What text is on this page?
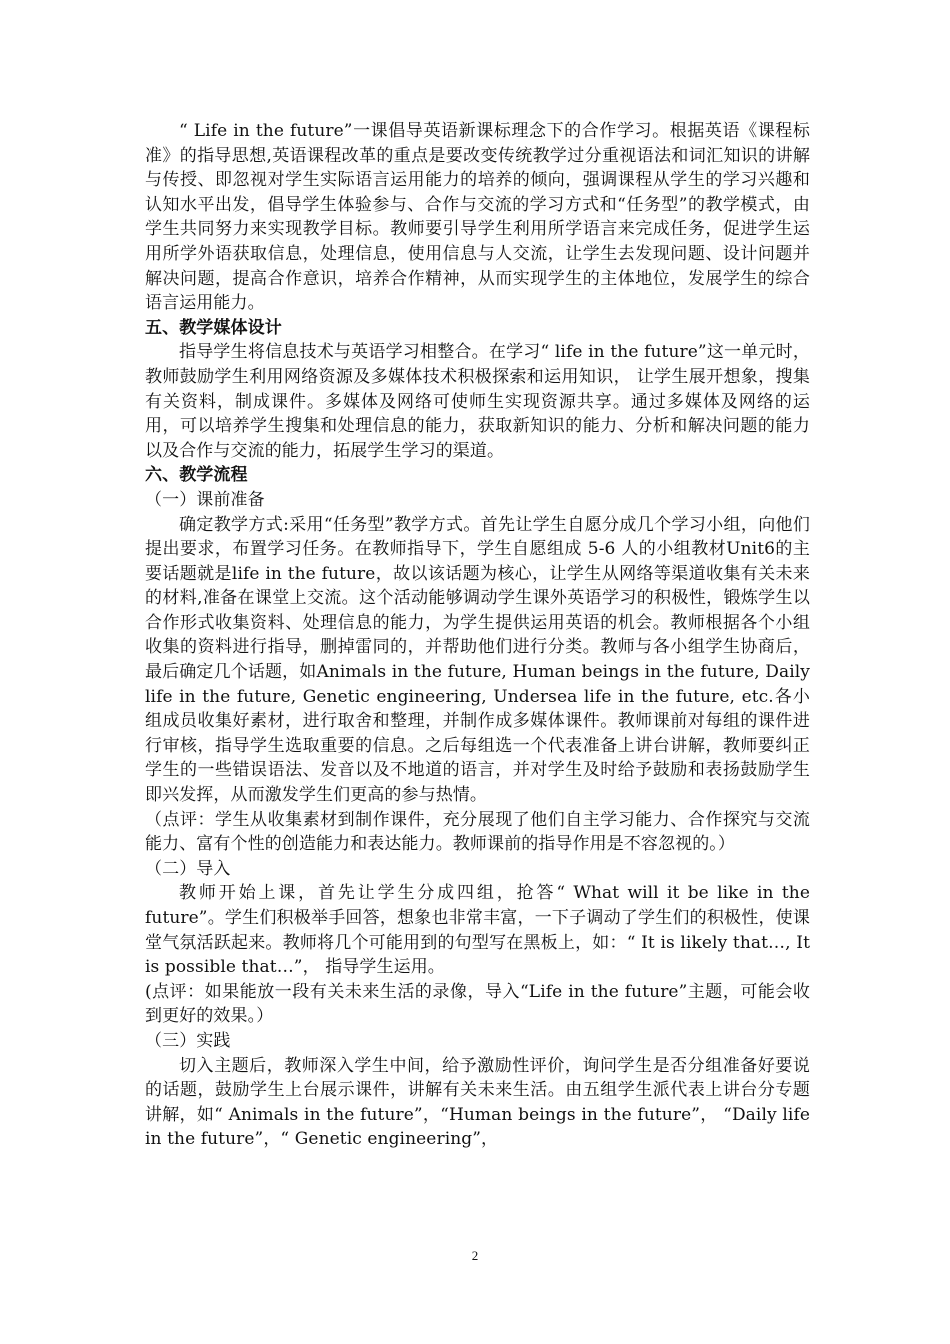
“ Life in the future”一课倡导英语新课标理念下的合作学习。根据英语《课程标准》的指导思想,英语课程改革的重点是要改变传统教学过分重视语法和词汇知识的讲解与传授、即忽视对学生实际语言运用能力的培养的倾向，强调课程从学生的学习兴趣和认知水平出发，倡导学生体验参与、合作与交流的学习方式和“任务型”的教学模式，由学生共同努力来实现教学目标。教师要引导学生利用所学语言来完成任务，促进学生运用所学外语获取信息，处理信息，使用信息与人交流，让学生去发现问题、设计问题并解决问题，提高合作意识，培养合作精神，从而实现学生的主体地位，发展学生的综合语言运用能力。

五、教学媒体设计

指导学生将信息技术与英语学习相整合。在学习“ life in the future”这一单元时，教师鼓励学生利用网络资源及多媒体技术积极探索和运用知识， 让学生展开想象，搜集有关资料，制成课件。多媒体及网络可使师生实现资源共享。通过多媒体及网络的运用，可以培养学生搜集和处理信息的能力，获取新知识的能力、分析和解决问题的能力以及合作与交流的能力，拓展学生学习的渠道。

六、教学流程

（一）课前准备

确定教学方式:采用“任务型”教学方式。首先让学生自愿分成几个学习小组，向他们提出要求，布置学习任务。在教师指导下，学生自愿组成 5-6 人的小组教材Unit6的主要话题就是life in the future，故以该话题为核心，让学生从网络等渠道收集有关未来的材料,准备在课堂上交流。这个活动能够调动学生课外英语学习的积极性，锻炼学生以合作形式收集资料、处理信息的能力，为学生提供运用英语的机会。教师根据各个小组收集的资料进行指导，删掉雷同的，并帮助他们进行分类。教师与各小组学生协商后，最后确定几个话题，如Animals in the future, Human beings in the future, Daily life in the future, Genetic engineering, Undersea life in the future, etc.各小组成员收集好素材，进行取舍和整理，并制作成多媒体课件。教师课前对每组的课件进行审核，指导学生选取重要的信息。之后每组选一个代表准备上讲台讲解，教师要纠正学生的一些错误语法、发音以及不地道的语言，并对学生及时给予鼓励和表扬鼓励学生即兴发挥，从而激发学生们更高的参与热情。

（点评：学生从收集素材到制作课件，充分展现了他们自主学习能力、合作探究与交流能力、富有个性的创造能力和表达能力。教师课前的指导作用是不容忽视的。）

（二）导入

教师开始上课，首先让学生分成四组，抢答“ What will it be like in the future”。学生们积极举手回答，想象也非常丰富，一下子调动了学生们的积极性，使课堂气氛活跃起来。教师将几个可能用到的句型写在黑板上，如：“ It is likely that…, It is possible that…”， 指导学生运用。

(点评：如果能放一段有关未来生活的录像，导入“Life in the future”主题，可能会收到更好的效果。）

（三）实践

切入主题后，教师深入学生中间，给予激励性评价，询问学生是否分组准备好要说的话题，鼓励学生上台展示课件，讲解有关未来生活。由五组学生派代表上讲台分专题讲解，如“ Animals in the future”，“Human beings in the future”， “Daily life in the future”，“ Genetic engineering”，

2
